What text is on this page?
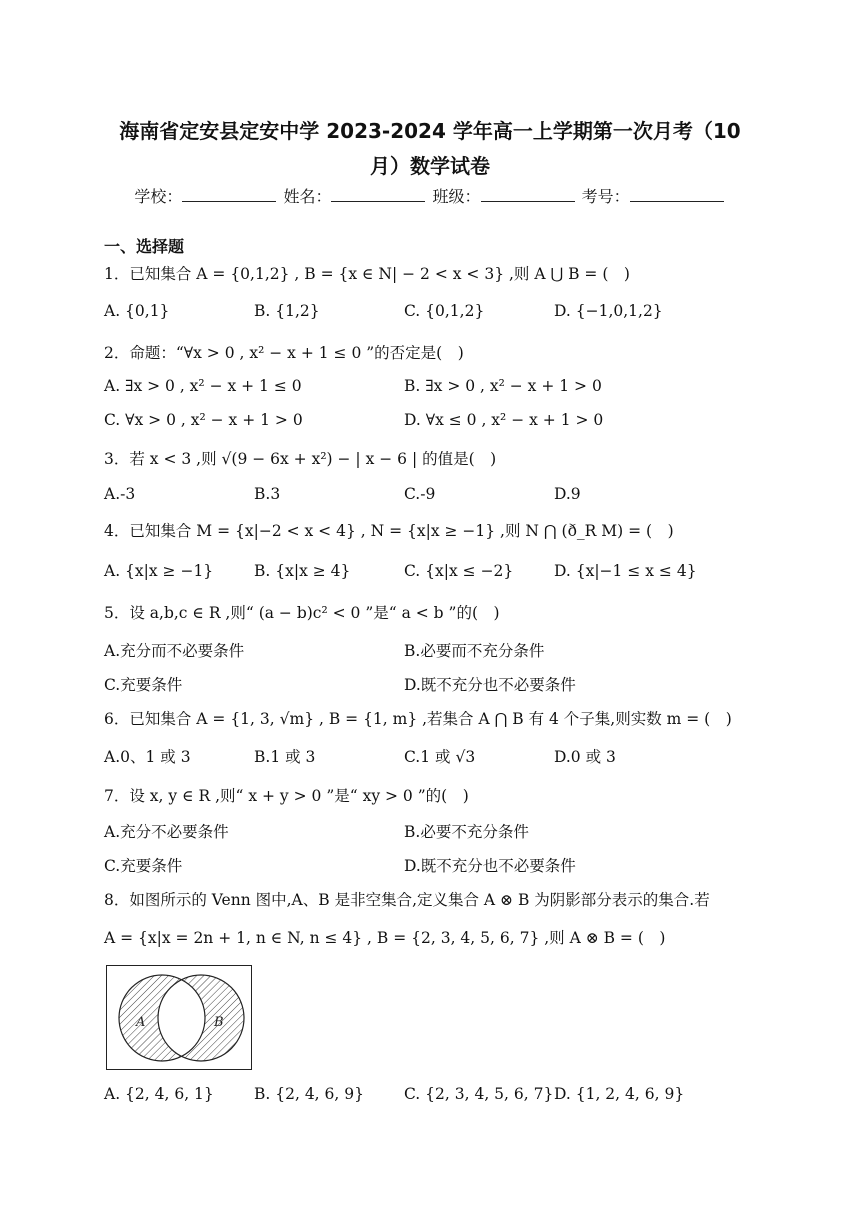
海南省定安县定安中学 2023-2024 学年高一上学期第一次月考（10
月）数学试卷
学校：	姓名：	班级：	考号：
一、选择题
1．已知集合 A = {0,1,2} , B = {x ∈ N| − 2 < x < 3} ,则 A ⋃ B = (　)
A. {0,1}	B. {1,2}	C. {0,1,2}	D. {−1,0,1,2}
2．命题：“∀x > 0 , x² − x + 1 ≤ 0 ”的否定是(　)
A. ∃x > 0 , x² − x + 1 ≤ 0	B. ∃x > 0 , x² − x + 1 > 0
C. ∀x > 0 , x² − x + 1 > 0	D. ∀x ≤ 0 , x² − x + 1 > 0
3．若 x < 3 ,则 √(9 − 6x + x²) − | x − 6 | 的值是(　)
A.-3	B.3	C.-9	D.9
4．已知集合 M = {x|−2 < x < 4} , N = {x|x ≥ −1} ,则 N ⋂ (ð_R M) = (　)
A. {x|x ≥ −1}	B. {x|x ≥ 4}	C. {x|x ≤ −2}	D. {x|−1 ≤ x ≤ 4}
5．设 a,b,c ∈ R ,则“ (a − b)c² < 0 ”是“ a < b ”的(　)
A.充分而不必要条件	B.必要而不充分条件
C.充要条件	D.既不充分也不必要条件
6．已知集合 A = {1, 3, √m} , B = {1, m} ,若集合 A ⋂ B 有 4 个子集,则实数 m = (　)
A.0、1 或 3	B.1 或 3	C.1 或 √3	D.0 或 3
7．设 x, y ∈ R ,则“ x + y > 0 ”是“ xy > 0 ”的(　)
A.充分不必要条件	B.必要不充分条件
C.充要条件	D.既不充分也不必要条件
8．如图所示的 Venn 图中,A、B 是非空集合,定义集合 A ⊗ B 为阴影部分表示的集合.若
A = {x|x = 2n + 1, n ∈ N, n ≤ 4} , B = {2, 3, 4, 5, 6, 7} ,则 A ⊗ B = (　)
A	B
A. {2, 4, 6, 1}	B. {2, 4, 6, 9}	C. {2, 3, 4, 5, 6, 7} D. {1, 2, 4, 6, 9}
